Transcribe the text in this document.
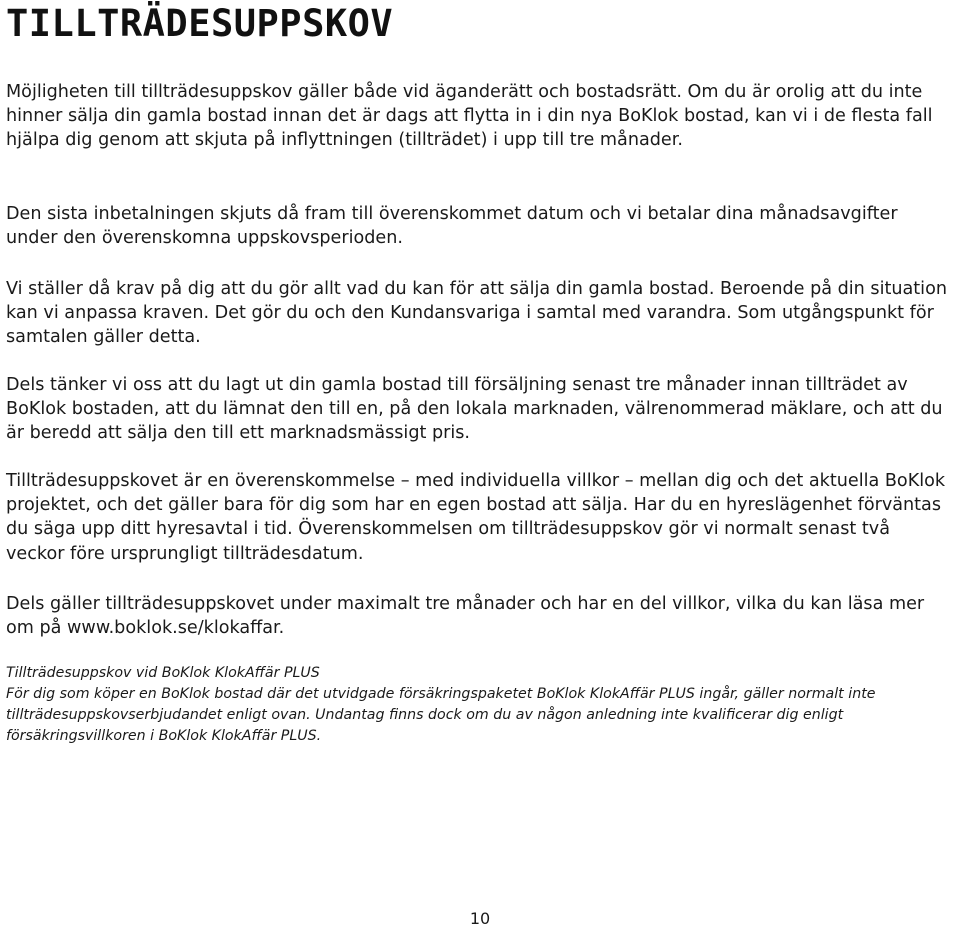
TILLTRÄDESUPPSKOV

Möjligheten till tillträdesuppskov gäller både vid äganderätt och bostadsrätt. Om du är orolig att du inte hinner sälja din gamla bostad innan det är dags att flytta in i din nya BoKlok bostad, kan vi i de flesta fall hjälpa dig genom att skjuta på inflyttningen (tillträdet) i upp till tre månader.

Den sista inbetalningen skjuts då fram till överenskommet datum och vi betalar dina månadsavgifter under den överenskomna uppskovsperioden.

Vi ställer då krav på dig att du gör allt vad du kan för att sälja din gamla bostad. Beroende på din situation kan vi anpassa kraven. Det gör du och den Kundansvariga i samtal med varandra. Som utgångspunkt för samtalen gäller detta.

Dels tänker vi oss att du lagt ut din gamla bostad till försäljning senast tre månader innan tillträdet av BoKlok bostaden, att du lämnat den till en, på den lokala marknaden, välrenommerad mäklare, och att du är beredd att sälja den till ett marknadsmässigt pris.

Tillträdesuppskovet är en överenskommelse – med individuella villkor – mellan dig och det aktuella BoKlok projektet, och det gäller bara för dig som har en egen bostad att sälja. Har du en hyreslägenhet förväntas du säga upp ditt hyresavtal i tid. Överenskommelsen om tillträdesuppskov gör vi normalt senast två veckor före ursprungligt tillträdesdatum.

Dels gäller tillträdesuppskovet under maximalt tre månader och har en del villkor, vilka du kan läsa mer om på www.boklok.se/klokaffar.

Tillträdesuppskov vid BoKlok KlokAffär PLUS

För dig som köper en BoKlok bostad där det utvidgade försäkringspaketet BoKlok KlokAffär PLUS ingår, gäller normalt inte tillträdesuppskovserbjudandet enligt ovan. Undantag finns dock om du av någon anledning inte kvalificerar dig enligt försäkringsvillkoren i BoKlok KlokAffär PLUS.

10
